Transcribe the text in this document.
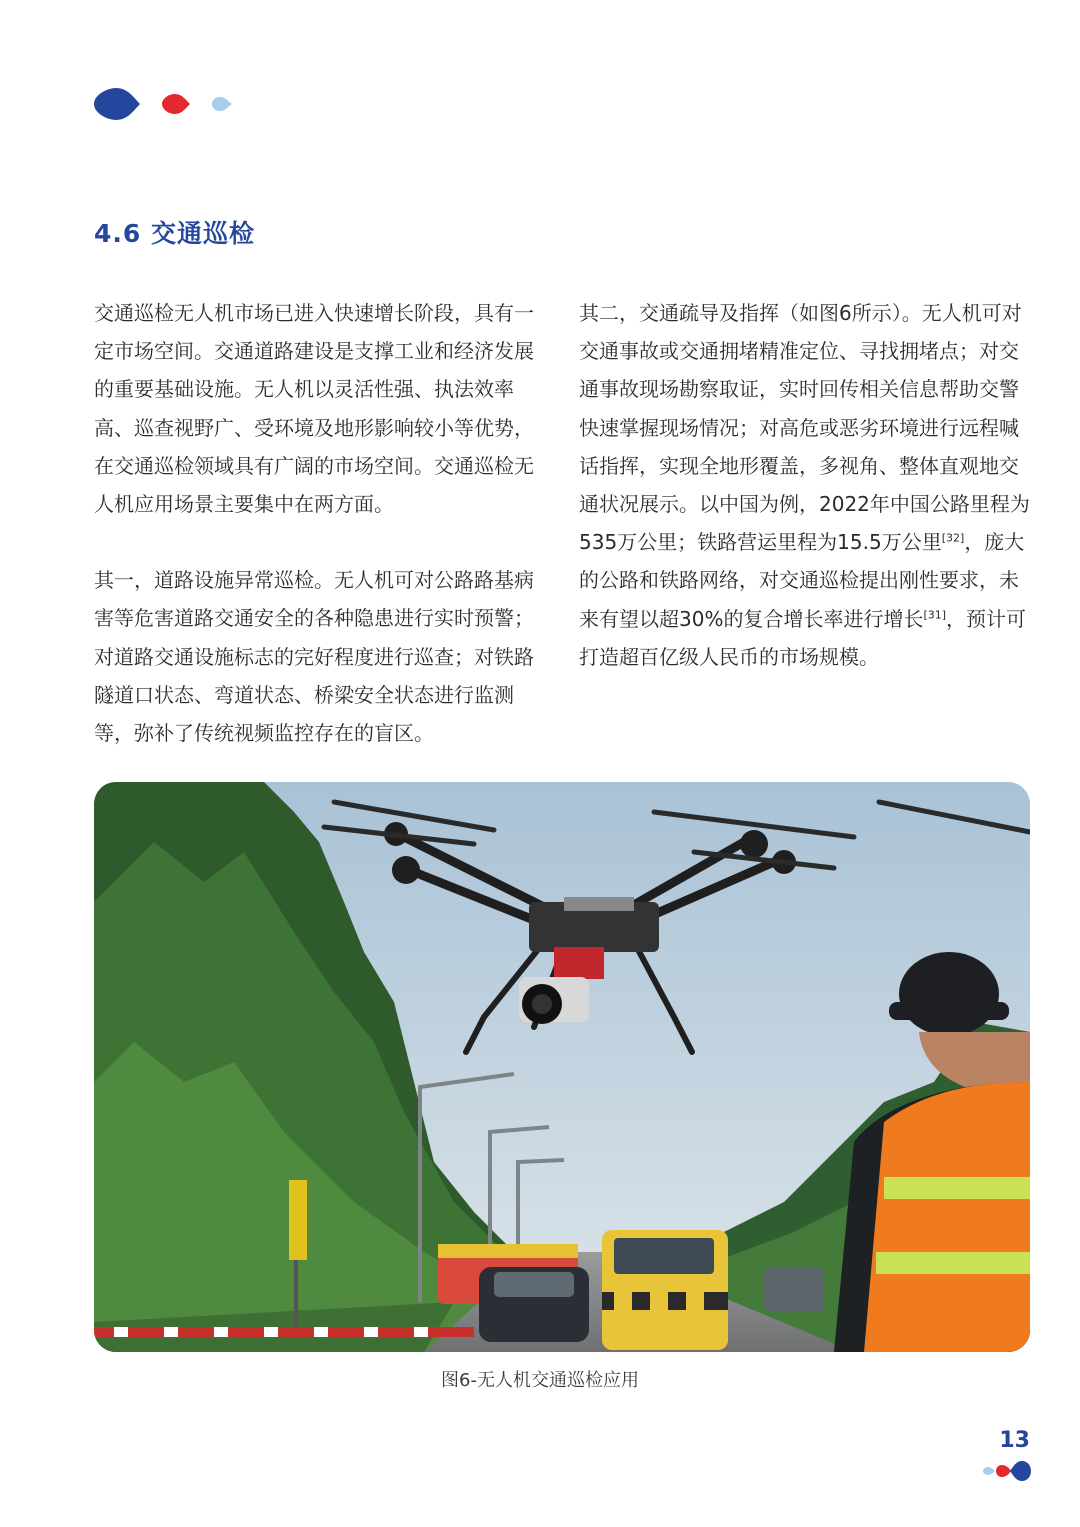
4.6 交通巡检

交通巡检无人机市场已进入快速增长阶段，具有一定市场空间。交通道路建设是支撑工业和经济发展的重要基础设施。无人机以灵活性强、执法效率高、巡查视野广、受环境及地形影响较小等优势，在交通巡检领域具有广阔的市场空间。交通巡检无人机应用场景主要集中在两方面。

其一，道路设施异常巡检。无人机可对公路路基病害等危害道路交通安全的各种隐患进行实时预警；对道路交通设施标志的完好程度进行巡查；对铁路隧道口状态、弯道状态、桥梁安全状态进行监测等，弥补了传统视频监控存在的盲区。

其二，交通疏导及指挥（如图6所示）。无人机可对交通事故或交通拥堵精准定位、寻找拥堵点；对交通事故现场勘察取证，实时回传相关信息帮助交警快速掌握现场情况；对高危或恶劣环境进行远程喊话指挥，实现全地形覆盖，多视角、整体直观地交通状况展示。以中国为例，2022年中国公路里程为535万公里；铁路营运里程为15.5万公里[32]，庞大的公路和铁路网络，对交通巡检提出刚性要求，未来有望以超30%的复合增长率进行增长[31]，预计可打造超百亿级人民币的市场规模。

图6-无人机交通巡检应用
13
